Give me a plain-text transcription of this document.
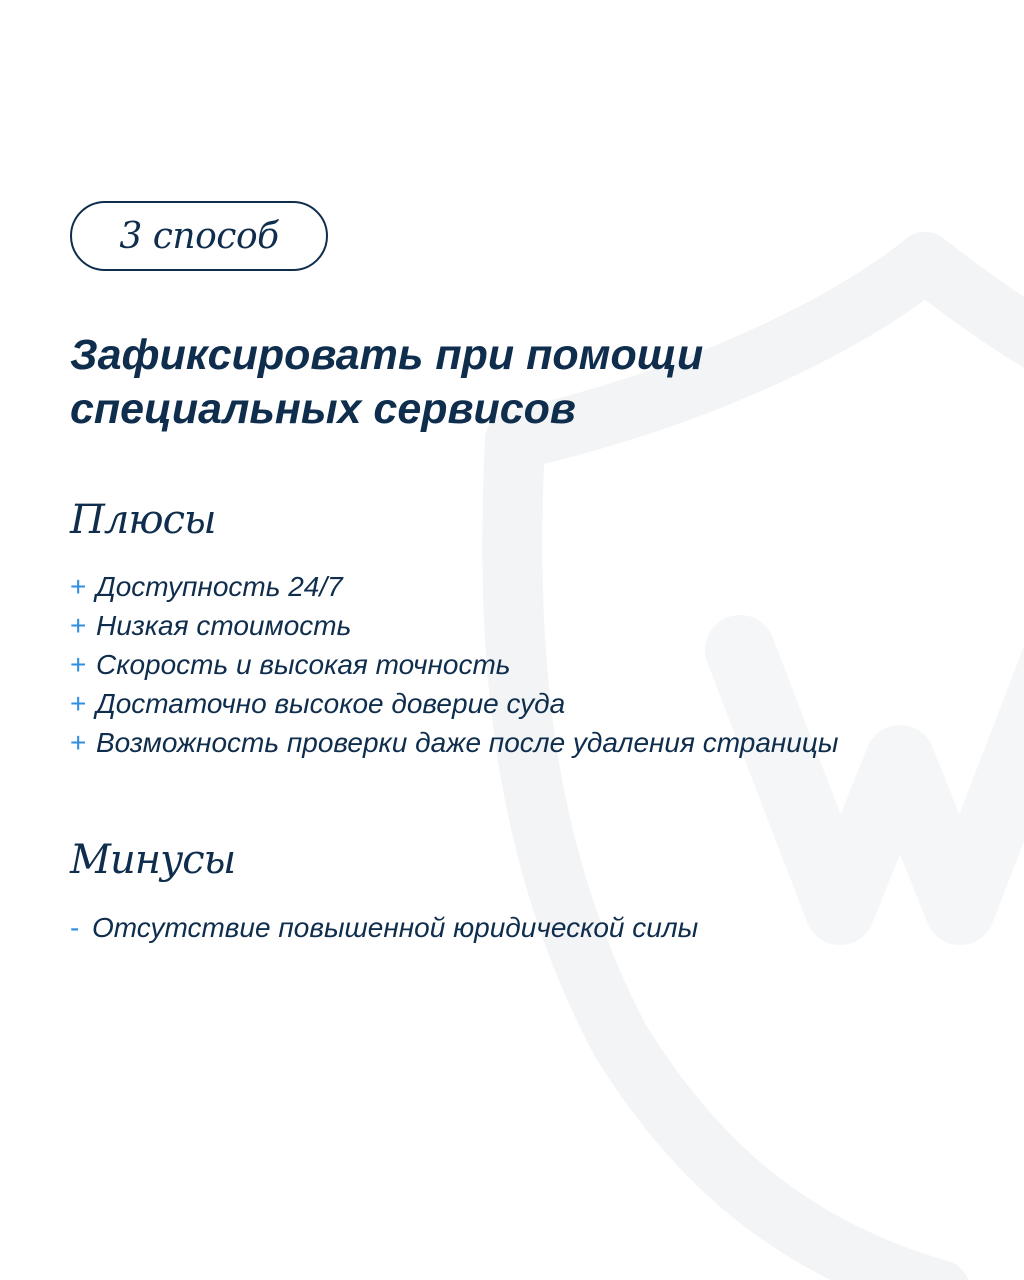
3 способ
Зафиксировать при помощи
специальных сервисов
Плюсы
+ Доступность 24/7
+ Низкая стоимость
+ Скорость и высокая точность
+ Достаточно высокое доверие суда
+ Возможность проверки даже после удаления страницы
Минусы
- Отсутствие повышенной юридической силы
